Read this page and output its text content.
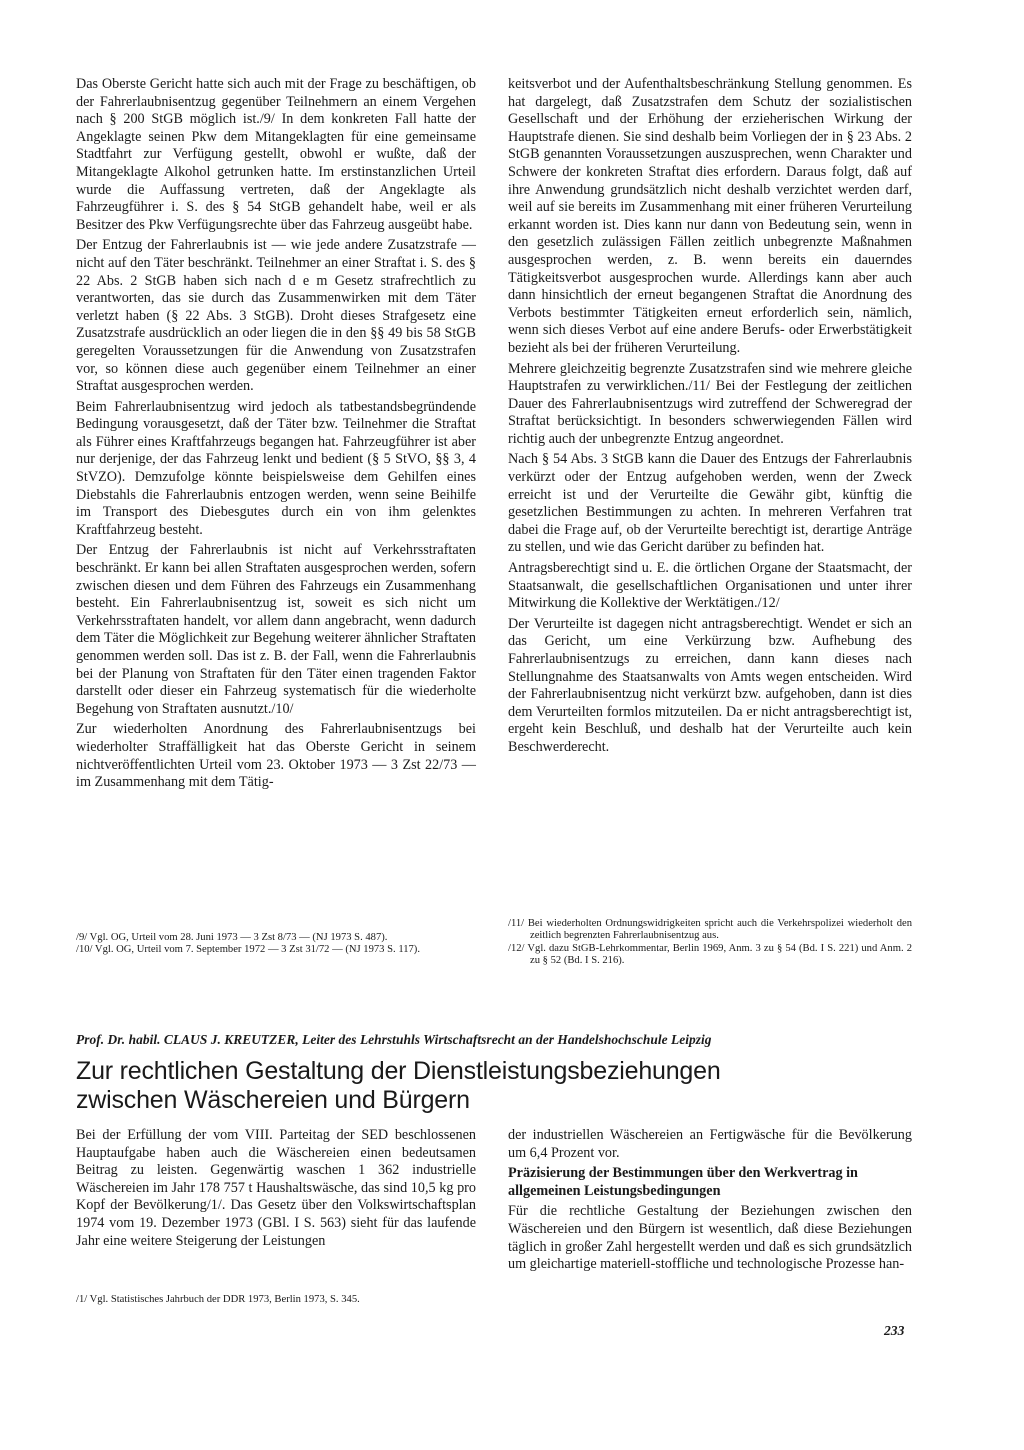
Das Oberste Gericht hatte sich auch mit der Frage zu beschäftigen, ob der Fahrerlaubnisentzug gegenüber Teilnehmern an einem Vergehen nach § 200 StGB möglich ist./9/ In dem konkreten Fall hatte der Angeklagte seinen Pkw dem Mitangeklagten für eine gemeinsame Stadtfahrt zur Verfügung gestellt, obwohl er wußte, daß der Mitangeklagte Alkohol getrunken hatte. Im erstinstanzlichen Urteil wurde die Auffassung vertreten, daß der Angeklagte als Fahrzeugführer i. S. des § 54 StGB gehandelt habe, weil er als Besitzer des Pkw Verfügungsrechte über das Fahrzeug ausgeübt habe.

Der Entzug der Fahrerlaubnis ist — wie jede andere Zusatzstrafe — nicht auf den Täter beschränkt. Teilnehmer an einer Straftat i. S. des § 22 Abs. 2 StGB haben sich nach d e m Gesetz strafrechtlich zu verantworten, das sie durch das Zusammenwirken mit dem Täter verletzt haben (§ 22 Abs. 3 StGB). Droht dieses Strafgesetz eine Zusatzstrafe ausdrücklich an oder liegen die in den §§ 49 bis 58 StGB geregelten Voraussetzungen für die Anwendung von Zusatzstrafen vor, so können diese auch gegenüber einem Teilnehmer an einer Straftat ausgesprochen werden.

Beim Fahrerlaubnisentzug wird jedoch als tatbestandsbegründende Bedingung vorausgesetzt, daß der Täter bzw. Teilnehmer die Straftat als Führer eines Kraftfahrzeugs begangen hat. Fahrzeugführer ist aber nur derjenige, der das Fahrzeug lenkt und bedient (§ 5 StVO, §§ 3, 4 StVZO). Demzufolge könnte beispielsweise dem Gehilfen eines Diebstahls die Fahrerlaubnis entzogen werden, wenn seine Beihilfe im Transport des Diebesgutes durch ein von ihm gelenktes Kraftfahrzeug besteht.

Der Entzug der Fahrerlaubnis ist nicht auf Verkehrsstraftaten beschränkt. Er kann bei allen Straftaten ausgesprochen werden, sofern zwischen diesen und dem Führen des Fahrzeugs ein Zusammenhang besteht. Ein Fahrerlaubnisentzug ist, soweit es sich nicht um Verkehrsstraftaten handelt, vor allem dann angebracht, wenn dadurch dem Täter die Möglichkeit zur Begehung weiterer ähnlicher Straftaten genommen werden soll. Das ist z. B. der Fall, wenn die Fahrerlaubnis bei der Planung von Straftaten für den Täter einen tragenden Faktor darstellt oder dieser ein Fahrzeug systematisch für die wiederholte Begehung von Straftaten ausnutzt./10/

Zur wiederholten Anordnung des Fahrerlaubnisentzugs bei wiederholter Straffälligkeit hat das Oberste Gericht in seinem nichtveröffentlichten Urteil vom 23. Oktober 1973 — 3 Zst 22/73 — im Zusammenhang mit dem Tätig-

keitsverbot und der Aufenthaltsbeschränkung Stellung genommen. Es hat dargelegt, daß Zusatzstrafen dem Schutz der sozialistischen Gesellschaft und der Erhöhung der erzieherischen Wirkung der Hauptstrafe dienen. Sie sind deshalb beim Vorliegen der in § 23 Abs. 2 StGB genannten Voraussetzungen auszusprechen, wenn Charakter und Schwere der konkreten Straftat dies erfordern. Daraus folgt, daß auf ihre Anwendung grundsätzlich nicht deshalb verzichtet werden darf, weil auf sie bereits im Zusammenhang mit einer früheren Verurteilung erkannt worden ist. Dies kann nur dann von Bedeutung sein, wenn in den gesetzlich zulässigen Fällen zeitlich unbegrenzte Maßnahmen ausgesprochen werden, z. B. wenn bereits ein dauerndes Tätigkeitsverbot ausgesprochen wurde. Allerdings kann aber auch dann hinsichtlich der erneut begangenen Straftat die Anordnung des Verbots bestimmter Tätigkeiten erneut erforderlich sein, nämlich, wenn sich dieses Verbot auf eine andere Berufs- oder Erwerbstätigkeit bezieht als bei der früheren Verurteilung.

Mehrere gleichzeitig begrenzte Zusatzstrafen sind wie mehrere gleiche Hauptstrafen zu verwirklichen./11/ Bei der Festlegung der zeitlichen Dauer des Fahrerlaubnisentzugs wird zutreffend der Schweregrad der Straftat berücksichtigt. In besonders schwerwiegenden Fällen wird richtig auch der unbegrenzte Entzug angeordnet.

Nach § 54 Abs. 3 StGB kann die Dauer des Entzugs der Fahrerlaubnis verkürzt oder der Entzug aufgehoben werden, wenn der Zweck erreicht ist und der Verurteilte die Gewähr gibt, künftig die gesetzlichen Bestimmungen zu achten. In mehreren Verfahren trat dabei die Frage auf, ob der Verurteilte berechtigt ist, derartige Anträge zu stellen, und wie das Gericht darüber zu befinden hat.

Antragsberechtigt sind u. E. die örtlichen Organe der Staatsmacht, der Staatsanwalt, die gesellschaftlichen Organisationen und unter ihrer Mitwirkung die Kollektive der Werktätigen./12/

Der Verurteilte ist dagegen nicht antragsberechtigt. Wendet er sich an das Gericht, um eine Verkürzung bzw. Aufhebung des Fahrerlaubnisentzugs zu erreichen, dann kann dieses nach Stellungnahme des Staatsanwalts von Amts wegen entscheiden. Wird der Fahrerlaubnisentzug nicht verkürzt bzw. aufgehoben, dann ist dies dem Verurteilten formlos mitzuteilen. Da er nicht antragsberechtigt ist, ergeht kein Beschluß, und deshalb hat der Verurteilte auch kein Beschwerderecht.

/9/ Vgl. OG, Urteil vom 28. Juni 1973 — 3 Zst 8/73 — (NJ 1973 S. 487).

/10/ Vgl. OG, Urteil vom 7. September 1972 — 3 Zst 31/72 — (NJ 1973 S. 117).

/11/ Bei wiederholten Ordnungswidrigkeiten spricht auch die Verkehrspolizei wiederholt den zeitlich begrenzten Fahrerlaubnisentzug aus.

/12/ Vgl. dazu StGB-Lehrkommentar, Berlin 1969, Anm. 3 zu § 54 (Bd. I S. 221) und Anm. 2 zu § 52 (Bd. I S. 216).

Prof. Dr. habil. CLAUS J. KREUTZER, Leiter des Lehrstuhls Wirtschaftsrecht an der Handelshochschule Leipzig
Zur rechtlichen Gestaltung der Dienstleistungsbeziehungen
zwischen Wäschereien und Bürgern

Bei der Erfüllung der vom VIII. Parteitag der SED beschlossenen Hauptaufgabe haben auch die Wäschereien einen bedeutsamen Beitrag zu leisten. Gegenwärtig waschen 1 362 industrielle Wäschereien im Jahr 178 757 t Haushaltswäsche, das sind 10,5 kg pro Kopf der Bevölkerung/1/. Das Gesetz über den Volkswirtschaftsplan 1974 vom 19. Dezember 1973 (GBl. I S. 563) sieht für das laufende Jahr eine weitere Steigerung der Leistungen

der industriellen Wäschereien an Fertigwäsche für die Bevölkerung um 6,4 Prozent vor.

Präzisierung der Bestimmungen über den Werkvertrag in allgemeinen Leistungsbedingungen

Für die rechtliche Gestaltung der Beziehungen zwischen den Wäschereien und den Bürgern ist wesentlich, daß diese Beziehungen täglich in großer Zahl hergestellt werden und daß es sich grundsätzlich um gleichartige materiell-stoffliche und technologische Prozesse han-

/1/ Vgl. Statistisches Jahrbuch der DDR 1973, Berlin 1973, S. 345.

233
